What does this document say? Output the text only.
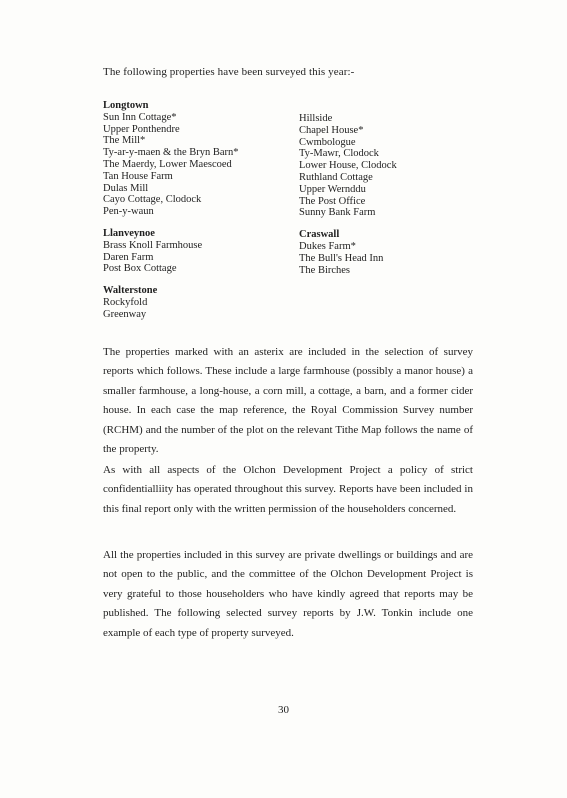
The following properties have been surveyed this year:-
Longtown
Sun Inn Cottage*
Upper Ponthendre
The Mill*
Ty-ar-y-maen & the Bryn Barn*
The Maerdy, Lower Maescoed
Tan House Farm
Dulas Mill
Cayo Cottage, Clodock
Pen-y-waun
Llanveynoe
Brass Knoll Farmhouse
Daren Farm
Post Box Cottage
Walterstone
Rockyfold
Greenway
Hillside
Chapel House*
Cwmbologue
Ty-Mawr, Clodock
Lower House, Clodock
Ruthland Cottage
Upper Wernddu
The Post Office
Sunny Bank Farm
Craswall
Dukes Farm*
The Bull's Head Inn
The Birches

The properties marked with an asterix are included in the selection of survey reports which follows. These include a large farmhouse (possibly a manor house) a smaller farmhouse, a long-house, a corn mill, a cottage, a barn, and a former cider house. In each case the map reference, the Royal Commission Survey number (RCHM) and the number of the plot on the relevant Tithe Map follows the name of the property.

As with all aspects of the Olchon Development Project a policy of strict confidentialliity has operated throughout this survey. Reports have been included in this final report only with the written permission of the householders concerned.

All the properties included in this survey are private dwellings or buildings and are not open to the public, and the committee of the Olchon Development Project is very grateful to those householders who have kindly agreed that reports may be published. The following selected survey reports by J.W. Tonkin include one example of each type of property surveyed.

30
